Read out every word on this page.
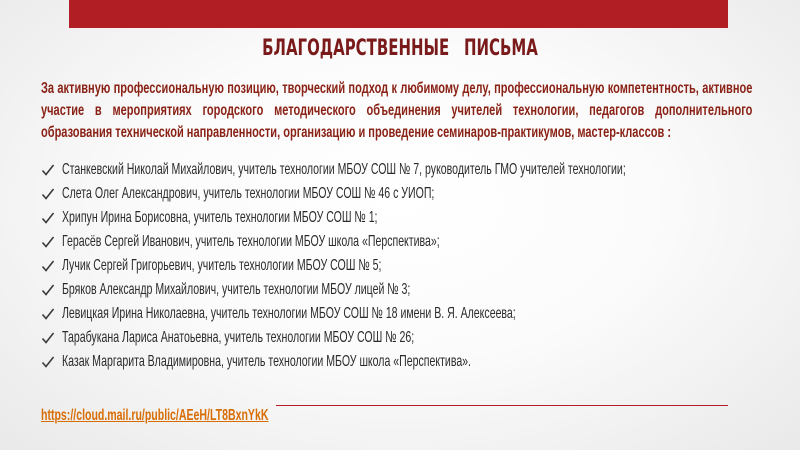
БЛАГОДАРСТВЕННЫЕ ПИСЬМА

За активную профессиональную позицию, творческий подход к любимому делу, профессиональную компетентность, активное участие в мероприятиях городского методического объединения учителей технологии, педагогов дополнительного образования технической направленности, организацию и проведение семинаров-практикумов, мастер-классов :

Станкевский Николай Михайлович, учитель технологии МБОУ СОШ № 7, руководитель ГМО учителей технологии;
Слета Олег Александрович, учитель технологии МБОУ СОШ № 46 с УИОП;
Хрипун Ирина Борисовна, учитель технологии МБОУ СОШ № 1;
Герасёв Сергей Иванович, учитель технологии МБОУ школа «Перспектива»;
Лучик Сергей Григорьевич, учитель технологии МБОУ СОШ № 5;
Бряков Александр Михайлович, учитель технологии МБОУ лицей № 3;
Левицкая Ирина Николаевна, учитель технологии МБОУ СОШ № 18 имени В. Я. Алексеева;
Тарабукана Лариса Анатоьевна, учитель технологии МБОУ СОШ № 26;
Казак Маргарита Владимировна, учитель технологии МБОУ школа «Перспектива».
https://cloud.mail.ru/public/AEeH/LT8BxnYkK
